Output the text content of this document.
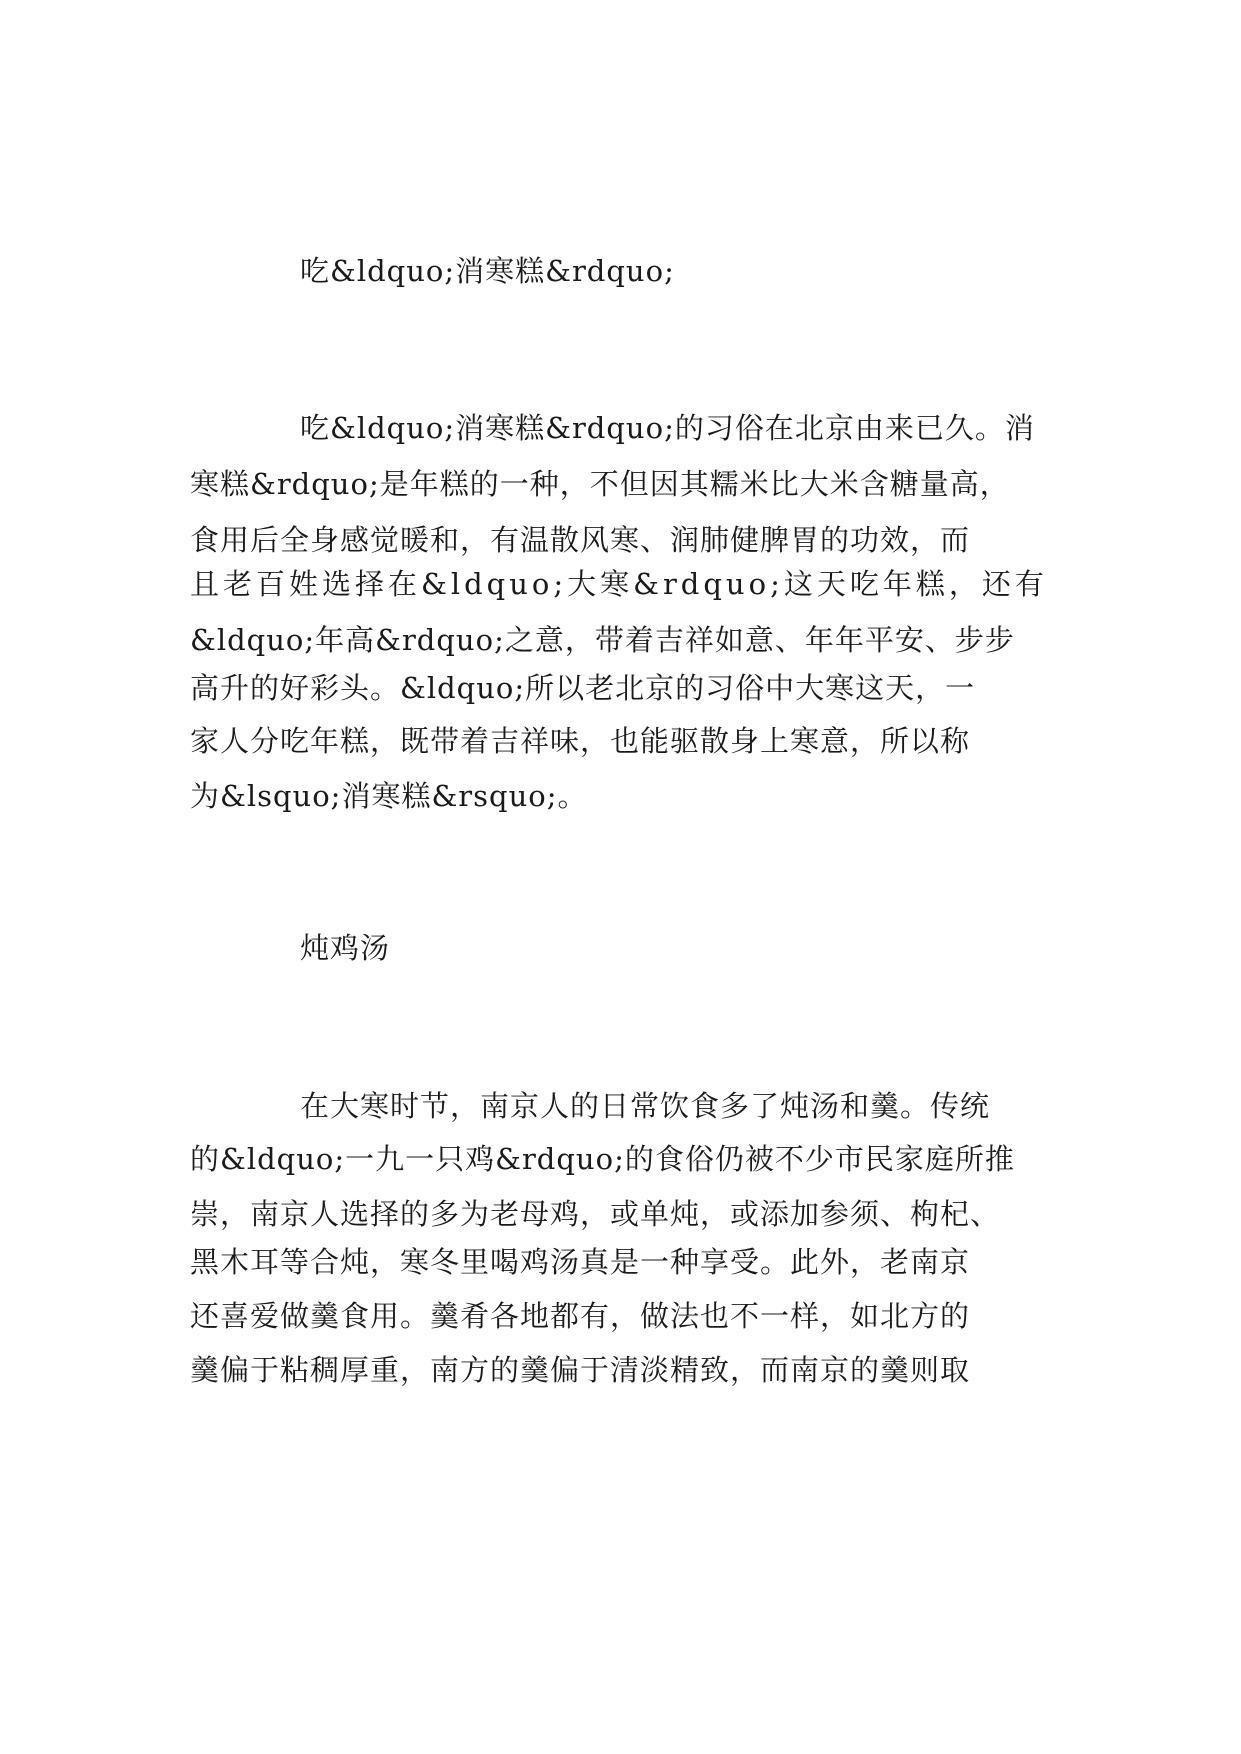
吃&ldquo;消寒糕&rdquo;
吃&ldquo;消寒糕&rdquo;的习俗在北京由来已久。消
寒糕&rdquo;是年糕的一种，不但因其糯米比大米含糖量高，
食用后全身感觉暖和，有温散风寒、润肺健脾胃的功效，而
且老百姓选择在&ldquo;大寒&rdquo;这天吃年糕，还有
&ldquo;年高&rdquo;之意，带着吉祥如意、年年平安、步步
高升的好彩头。&ldquo;所以老北京的习俗中大寒这天，一
家人分吃年糕，既带着吉祥味，也能驱散身上寒意，所以称
为&lsquo;消寒糕&rsquo;。
炖鸡汤
在大寒时节，南京人的日常饮食多了炖汤和羹。传统
的&ldquo;一九一只鸡&rdquo;的食俗仍被不少市民家庭所推
崇，南京人选择的多为老母鸡，或单炖，或添加参须、枸杞、
黑木耳等合炖，寒冬里喝鸡汤真是一种享受。此外，老南京
还喜爱做羹食用。羹肴各地都有，做法也不一样，如北方的
羹偏于粘稠厚重，南方的羹偏于清淡精致，而南京的羹则取
